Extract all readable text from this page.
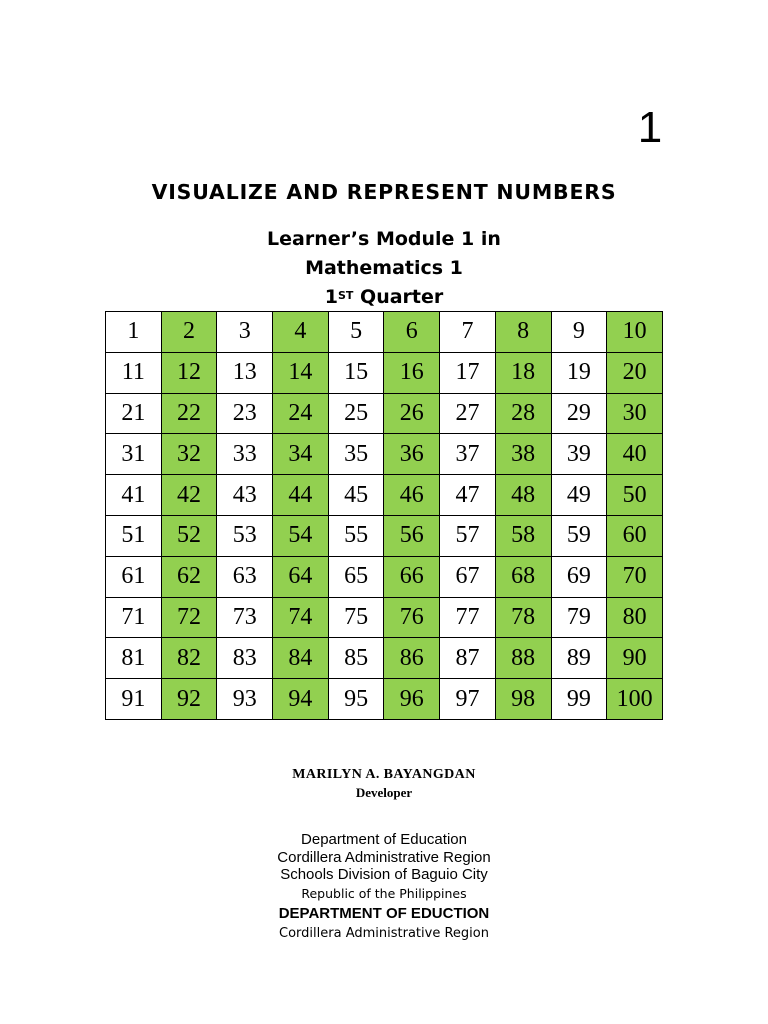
1
VISUALIZE AND REPRESENT NUMBERS
Learner’s Module 1 in
Mathematics 1
1ST Quarter
1	2	3	4	5	6	7	8	9	10
11	12	13	14	15	16	17	18	19	20
21	22	23	24	25	26	27	28	29	30
31	32	33	34	35	36	37	38	39	40
41	42	43	44	45	46	47	48	49	50
51	52	53	54	55	56	57	58	59	60
61	62	63	64	65	66	67	68	69	70
71	72	73	74	75	76	77	78	79	80
81	82	83	84	85	86	87	88	89	90
91	92	93	94	95	96	97	98	99	100
MARILYN A. BAYANGDAN
Developer
Department of Education
Cordillera Administrative Region
Schools Division of Baguio City
Republic of the Philippines
DEPARTMENT OF EDUCTION
Cordillera Administrative Region
